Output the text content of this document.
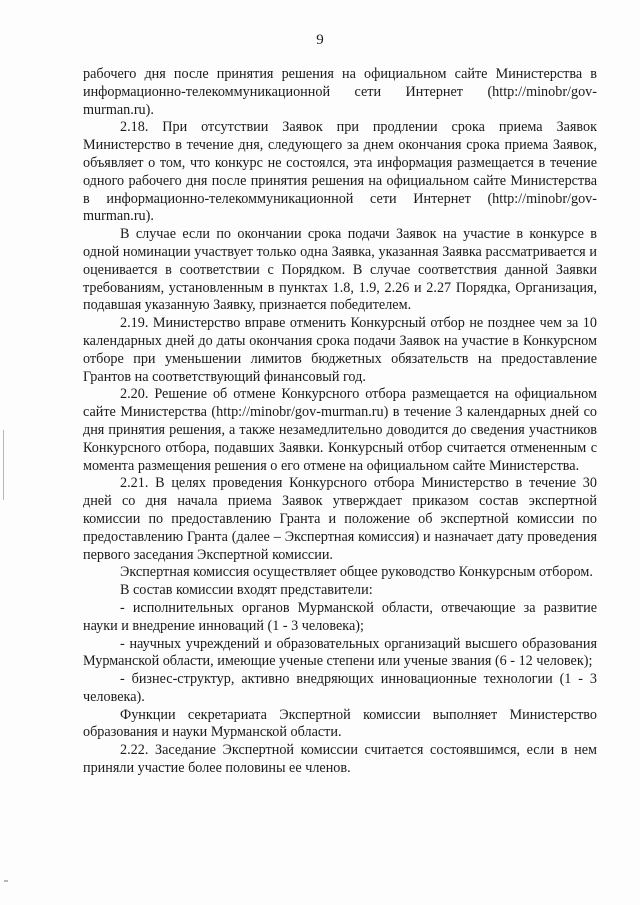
9

рабочего дня после принятия решения на официальном сайте Министерства в информационно-телекоммуникационной сети Интернет (http://minobr/gov-murman.ru).

2.18. При отсутствии Заявок при продлении срока приема Заявок Министерство в течение дня, следующего за днем окончания срока приема Заявок, объявляет о том, что конкурс не состоялся, эта информация размещается в течение одного рабочего дня после принятия решения на официальном сайте Министерства в информационно-телекоммуникационной сети Интернет (http://minobr/gov-murman.ru).

В случае если по окончании срока подачи Заявок на участие в конкурсе в одной номинации участвует только одна Заявка, указанная Заявка рассматривается и оценивается в соответствии с Порядком. В случае соответствия данной Заявки требованиям, установленным в пунктах 1.8, 1.9, 2.26 и 2.27 Порядка, Организация, подавшая указанную Заявку, признается победителем.

2.19. Министерство вправе отменить Конкурсный отбор не позднее чем за 10 календарных дней до даты окончания срока подачи Заявок на участие в Конкурсном отборе при уменьшении лимитов бюджетных обязательств на предоставление Грантов на соответствующий финансовый год.

2.20. Решение об отмене Конкурсного отбора размещается на официальном сайте Министерства (http://minobr/gov-murman.ru) в течение 3 календарных дней со дня принятия решения, а также незамедлительно доводится до сведения участников Конкурсного отбора, подавших Заявки. Конкурсный отбор считается отмененным с момента размещения решения о его отмене на официальном сайте Министерства.

2.21. В целях проведения Конкурсного отбора Министерство в течение 30 дней со дня начала приема Заявок утверждает приказом состав экспертной комиссии по предоставлению Гранта и положение об экспертной комиссии по предоставлению Гранта (далее – Экспертная комиссия) и назначает дату проведения первого заседания Экспертной комиссии.

Экспертная комиссия осуществляет общее руководство Конкурсным отбором.

В состав комиссии входят представители:

- исполнительных органов Мурманской области, отвечающие за развитие науки и внедрение инноваций (1 - 3 человека);

- научных учреждений и образовательных организаций высшего образования Мурманской области, имеющие ученые степени или ученые звания (6 - 12 человек);

- бизнес-структур, активно внедряющих инновационные технологии (1 - 3 человека).

Функции секретариата Экспертной комиссии выполняет Министерство образования и науки Мурманской области.

2.22. Заседание Экспертной комиссии считается состоявшимся, если в нем приняли участие более половины ее членов.
